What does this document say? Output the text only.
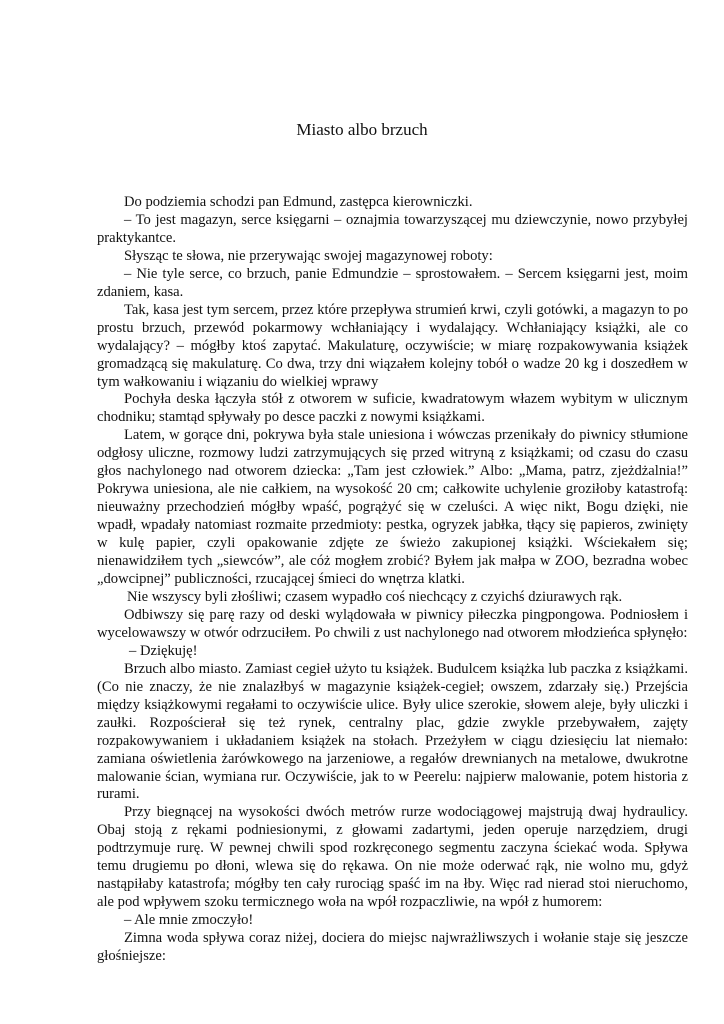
Miasto albo brzuch

Do podziemia schodzi pan Edmund, zastępca kierowniczki.

– To jest magazyn, serce księgarni – oznajmia towarzyszącej mu dziewczynie, nowo przybyłej praktykantce.

Słysząc te słowa, nie przerywając swojej magazynowej roboty:

– Nie tyle serce, co brzuch, panie Edmundzie – sprostowałem. – Sercem księgarni jest, moim zdaniem, kasa.

Tak, kasa jest tym sercem, przez które przepływa strumień krwi, czyli gotówki, a magazyn to po prostu brzuch, przewód pokarmowy wchłaniający i wydalający. Wchłaniający książki, ale co wydalający? – mógłby ktoś zapytać. Makulaturę, oczywiście; w miarę rozpakowywania książek gromadzącą się makulaturę. Co dwa, trzy dni wiązałem kolejny tobół o wadze 20 kg i doszedłem w tym wałkowaniu i wiązaniu do wielkiej wprawy

Pochyła deska łączyła stół z otworem w suficie, kwadratowym włazem wybitym w ulicznym chodniku; stamtąd spływały po desce paczki z nowymi książkami.

Latem, w gorące dni, pokrywa była stale uniesiona i wówczas przenikały do piwnicy stłumione odgłosy uliczne, rozmowy ludzi zatrzymujących się przed witryną z książkami; od czasu do czasu głos nachylonego nad otworem dziecka: „Tam jest człowiek.” Albo: „Mama, patrz, zjeżdżalnia!” Pokrywa uniesiona, ale nie całkiem, na wysokość 20 cm; całkowite uchylenie groziłoby katastrofą: nieuważny przechodzień mógłby wpaść, pogrążyć się w czeluści. A więc nikt, Bogu dzięki, nie wpadł, wpadały natomiast rozmaite przedmioty: pestka, ogryzek jabłka, tłący się papieros, zwinięty w kulę papier, czyli opakowanie zdjęte ze świeżo zakupionej książki. Wściekałem się; nienawidziłem tych „siewców”, ale cóż mogłem zrobić? Byłem jak małpa w ZOO, bezradna wobec „dowcipnej” publiczności, rzucającej śmieci do wnętrza klatki.

Nie wszyscy byli złośliwi; czasem wypadło coś niechcący z czyichś dziurawych rąk.

Odbiwszy się parę razy od deski wylądowała w piwnicy piłeczka pingpongowa. Podniosłem i wycelowawszy w otwór odrzuciłem. Po chwili z ust nachylonego nad otworem młodzieńca spłynęło:

– Dziękuję!

Brzuch albo miasto. Zamiast cegieł użyto tu książek. Budulcem książka lub paczka z książkami. (Co nie znaczy, że nie znalazłbyś w magazynie książek-cegieł; owszem, zdarzały się.) Przejścia między książkowymi regałami to oczywiście ulice. Były ulice szerokie, słowem aleje, były uliczki i zaułki. Rozpościerał się też rynek, centralny plac, gdzie zwykle przebywałem, zajęty rozpakowywaniem i układaniem książek na stołach. Przeżyłem w ciągu dziesięciu lat niemało: zamiana oświetlenia żarówkowego na jarzeniowe, a regałów drewnianych na metalowe, dwukrotne malowanie ścian, wymiana rur. Oczywiście, jak to w Peerelu: najpierw malowanie, potem historia z rurami.

Przy biegnącej na wysokości dwóch metrów rurze wodociągowej majstrują dwaj hydraulicy. Obaj stoją z rękami podniesionymi, z głowami zadartymi, jeden operuje narzędziem, drugi podtrzymuje rurę. W pewnej chwili spod rozkręconego segmentu zaczyna ściekać woda. Spływa temu drugiemu po dłoni, wlewa się do rękawa. On nie może oderwać rąk, nie wolno mu, gdyż nastąpiłaby katastrofa; mógłby ten cały rurociąg spaść im na łby. Więc rad nierad stoi nieruchomo, ale pod wpływem szoku termicznego woła na wpół rozpaczliwie, na wpół z humorem:

– Ale mnie zmoczyło!

Zimna woda spływa coraz niżej, dociera do miejsc najwrażliwszych i wołanie staje się jeszcze głośniejsze:
